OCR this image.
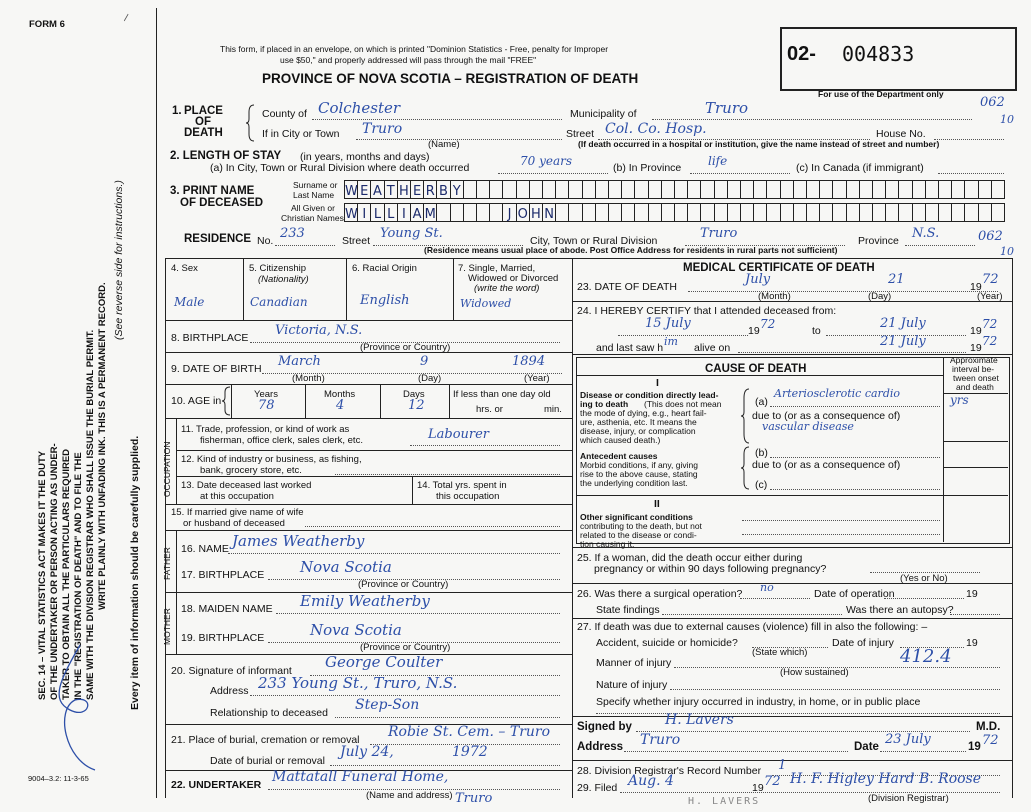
FORM 6
\
This form, if placed in an envelope, on which is printed "Dominion Statistics - Free, penalty for Improper
use $50," and properly addressed will pass through the mail "FREE"
PROVINCE OF NOVA SCOTIA – REGISTRATION OF DEATH
02- 004833
For use of the Department only
062
10
062
10
SEC. 14 – VITAL STATISTICS ACT MAKES IT THE DUTY OF THE UNDERTAKER OR PERSON ACTING AS UNDER- TAKER TO OBTAIN ALL THE PARTICULARS REQUIRED IN THE "REGISTRATION OF DEATH" AND TO FILE THE SAME WITH THE DIVISION REGISTRAR WHO SHALL ISSUE THE BURIAL PERMIT. WRITE PLAINLY WITH UNFADING INK. THIS IS A PERMANENT RECORD.
(See reverse side for instructions.)
Every item of information should be carefully supplied.
9004–3.2: 11-3-65
1. PLACE
OF
DEATH
County of Colchester	Municipality of	Truro
If in City or Town Truro
(Name)
Street Col. Co. Hosp.	House No.
(If death occurred in a hospital or institution, give the name instead of street and number)
2. LENGTH OF STAY (in years, months and days)
(a) In City, Town or Rural Division where death occurred	70 years	(b) In Province life	(c) In Canada (if immigrant)
3. PRINT NAME
OF DECEASED
Surname or
Last Name
All Given or
Christian Names
W E A T H E R B Y
W I L L I A M	J O H N
RESIDENCE No. 233	Street Young St.	City, Town or Rural Division	Truro	Province N.S.
(Residence means usual place of abode. Post Office Address for residents in rural parts not sufficient)
4. Sex
Male
5. Citizenship
(Nationality)
Canadian
6. Racial Origin
English
7. Single, Married,
Widowed or Divorced
(write the word)
Widowed
8. BIRTHPLACE Victoria, N.S.
(Province or Country)
9. DATE OF BIRTH March	9	1894
(Month)	(Day)	(Year)
10. AGE in
Years	Months	Days
78	4	12
If less than one day old
hrs. or	min.
OCCUPATION
11. Trade, profession, or kind of work as
fisherman, office clerk, sales clerk, etc.	Labourer
12. Kind of industry or business, as fishing,
bank, grocery store, etc.
13. Date deceased last worked
at this occupation
14. Total yrs. spent in
this occupation
15. If married give name of wife
or husband of deceased
FATHER 16. NAME James Weatherby
17. BIRTHPLACE Nova Scotia
(Province or Country)
MOTHER 18. MAIDEN NAME Emily Weatherby
19. BIRTHPLACE	Nova Scotia
(Province or Country)
20. Signature of informant George Coulter
Address 233 Young St., Truro, N.S.
Relationship to deceased Step-Son
21. Place of burial, cremation or removal Robie St. Cem. – Truro
Date of burial or removal
July 24,	1972
22. UNDERTAKER Mattatall Funeral Home,
Truro
(Name and address)
MEDICAL CERTIFICATE OF DEATH
23. DATE OF DEATH	July	21	19 72
(Month)	(Day)	(Year)
24. I HEREBY CERTIFY that I attended deceased from:
15 July	19 72	to	21 July	19 72
and last saw h im alive on	21 July	19 72
CAUSE OF DEATH
Approximate
interval be-
tween onset
and death
I
Disease or condition directly lead-
ing to death (This does not mean
the mode of dying, e.g., heart fail-
ure, asthenia, etc. It means the
disease, injury, or complication
which caused death.)
(a)
Arteriosclerotic cardio	yrs
due to (or as a consequence of)
vascular disease
Antecedent causes
Morbid conditions, if any, giving
rise to the above cause, stating
the underlying condition last.
(b)
due to (or as a consequence of)
(c)
II
Other significant conditions
contributing to the death, but not
related to the disease or condi-
tion causing it.
25. If a woman, did the death occur either during
pregnancy or within 90 days following pregnancy?
(Yes or No)
26. Was there a surgical operation? no	Date of operation	19
State findings	Was there an autopsy?
27. If death was due to external causes (violence) fill in also the following: –
Accident, suicide or homicide?	Date of injury	19
(State which)	412.4
Manner of injury
(How sustained)
Nature of injury
Specify whether injury occurred in industry, in home, or in public place
Signed by H. Lavers	M.D.
Address Truro	Date 23 July	19 72
28. Division Registrar's Record Number 1
29. Filed Aug. 4	19 72 H. F. Higley Hard B. Roose
(Division Registrar)
H. LAVERS
